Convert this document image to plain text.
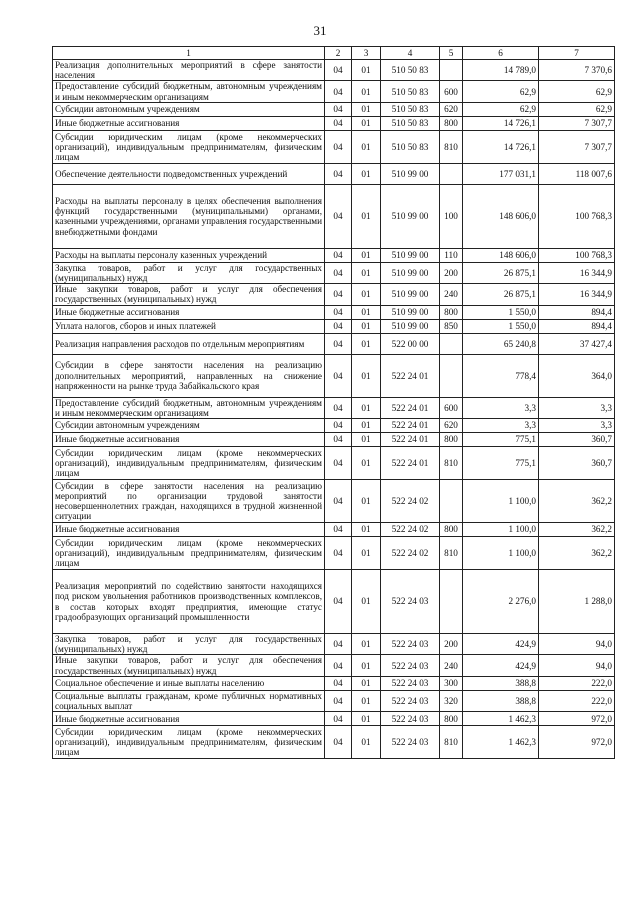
31
1	2	3	4	5	6	7
Реализация дополнительных мероприятий в сфере занятости населения	04	01	510 50 83		14 789,0	7 370,6
Предоставление субсидий бюджетным, автономным учреждениям и иным некоммерческим организациям	04	01	510 50 83	600	62,9	62,9
Субсидии автономным учреждениям	04	01	510 50 83	620	62,9	62,9
Иные бюджетные ассигнования	04	01	510 50 83	800	14 726,1	7 307,7
Субсидии юридическим лицам (кроме некоммерческих организаций), индивидуальным предпринимателям, физическим лицам	04	01	510 50 83	810	14 726,1	7 307,7
Обеспечение деятельности подведомственных учреждений	04	01	510 99 00		177 031,1	118 007,6
Расходы на выплаты персоналу в целях обеспечения выполнения функций государственными (муниципальными) органами, казенными учреждениями, органами управления государственными внебюджетными фондами	04	01	510 99 00	100	148 606,0	100 768,3
Расходы на выплаты персоналу казенных учреждений	04	01	510 99 00	110	148 606,0	100 768,3
Закупка товаров, работ и услуг для государственных (муниципальных) нужд	04	01	510 99 00	200	26 875,1	16 344,9
Иные закупки товаров, работ и услуг для обеспечения государственных (муниципальных) нужд	04	01	510 99 00	240	26 875,1	16 344,9
Иные бюджетные ассигнования	04	01	510 99 00	800	1 550,0	894,4
Уплата налогов, сборов и иных платежей	04	01	510 99 00	850	1 550,0	894,4
Реализация направления расходов по отдельным мероприятиям	04	01	522 00 00		65 240,8	37 427,4
Субсидии в сфере занятости населения на реализацию дополнительных мероприятий, направленных на снижение напряженности на рынке труда Забайкальского края	04	01	522 24 01		778,4	364,0
Предоставление субсидий бюджетным, автономным учреждениям и иным некоммерческим организациям	04	01	522 24 01	600	3,3	3,3
Субсидии автономным учреждениям	04	01	522 24 01	620	3,3	3,3
Иные бюджетные ассигнования	04	01	522 24 01	800	775,1	360,7
Субсидии юридическим лицам (кроме некоммерческих организаций), индивидуальным предпринимателям, физическим лицам	04	01	522 24 01	810	775,1	360,7
Субсидии в сфере занятости населения на реализацию мероприятий по организации трудовой занятости несовершеннолетних граждан, находящихся в трудной жизненной ситуации	04	01	522 24 02		1 100,0	362,2
Иные бюджетные ассигнования	04	01	522 24 02	800	1 100,0	362,2
Субсидии юридическим лицам (кроме некоммерческих организаций), индивидуальным предпринимателям, физическим лицам	04	01	522 24 02	810	1 100,0	362,2
Реализация мероприятий по содействию занятости находящихся под риском увольнения работников производственных комплексов, в состав которых входят предприятия, имеющие статус градообразующих организаций промышленности	04	01	522 24 03		2 276,0	1 288,0
Закупка товаров, работ и услуг для государственных (муниципальных) нужд	04	01	522 24 03	200	424,9	94,0
Иные закупки товаров, работ и услуг для обеспечения государственных (муниципальных) нужд	04	01	522 24 03	240	424,9	94,0
Социальное обеспечение и иные выплаты населению	04	01	522 24 03	300	388,8	222,0
Социальные выплаты гражданам, кроме публичных нормативных социальных выплат	04	01	522 24 03	320	388,8	222,0
Иные бюджетные ассигнования	04	01	522 24 03	800	1 462,3	972,0
Субсидии юридическим лицам (кроме некоммерческих организаций), индивидуальным предпринимателям, физическим лицам	04	01	522 24 03	810	1 462,3	972,0
